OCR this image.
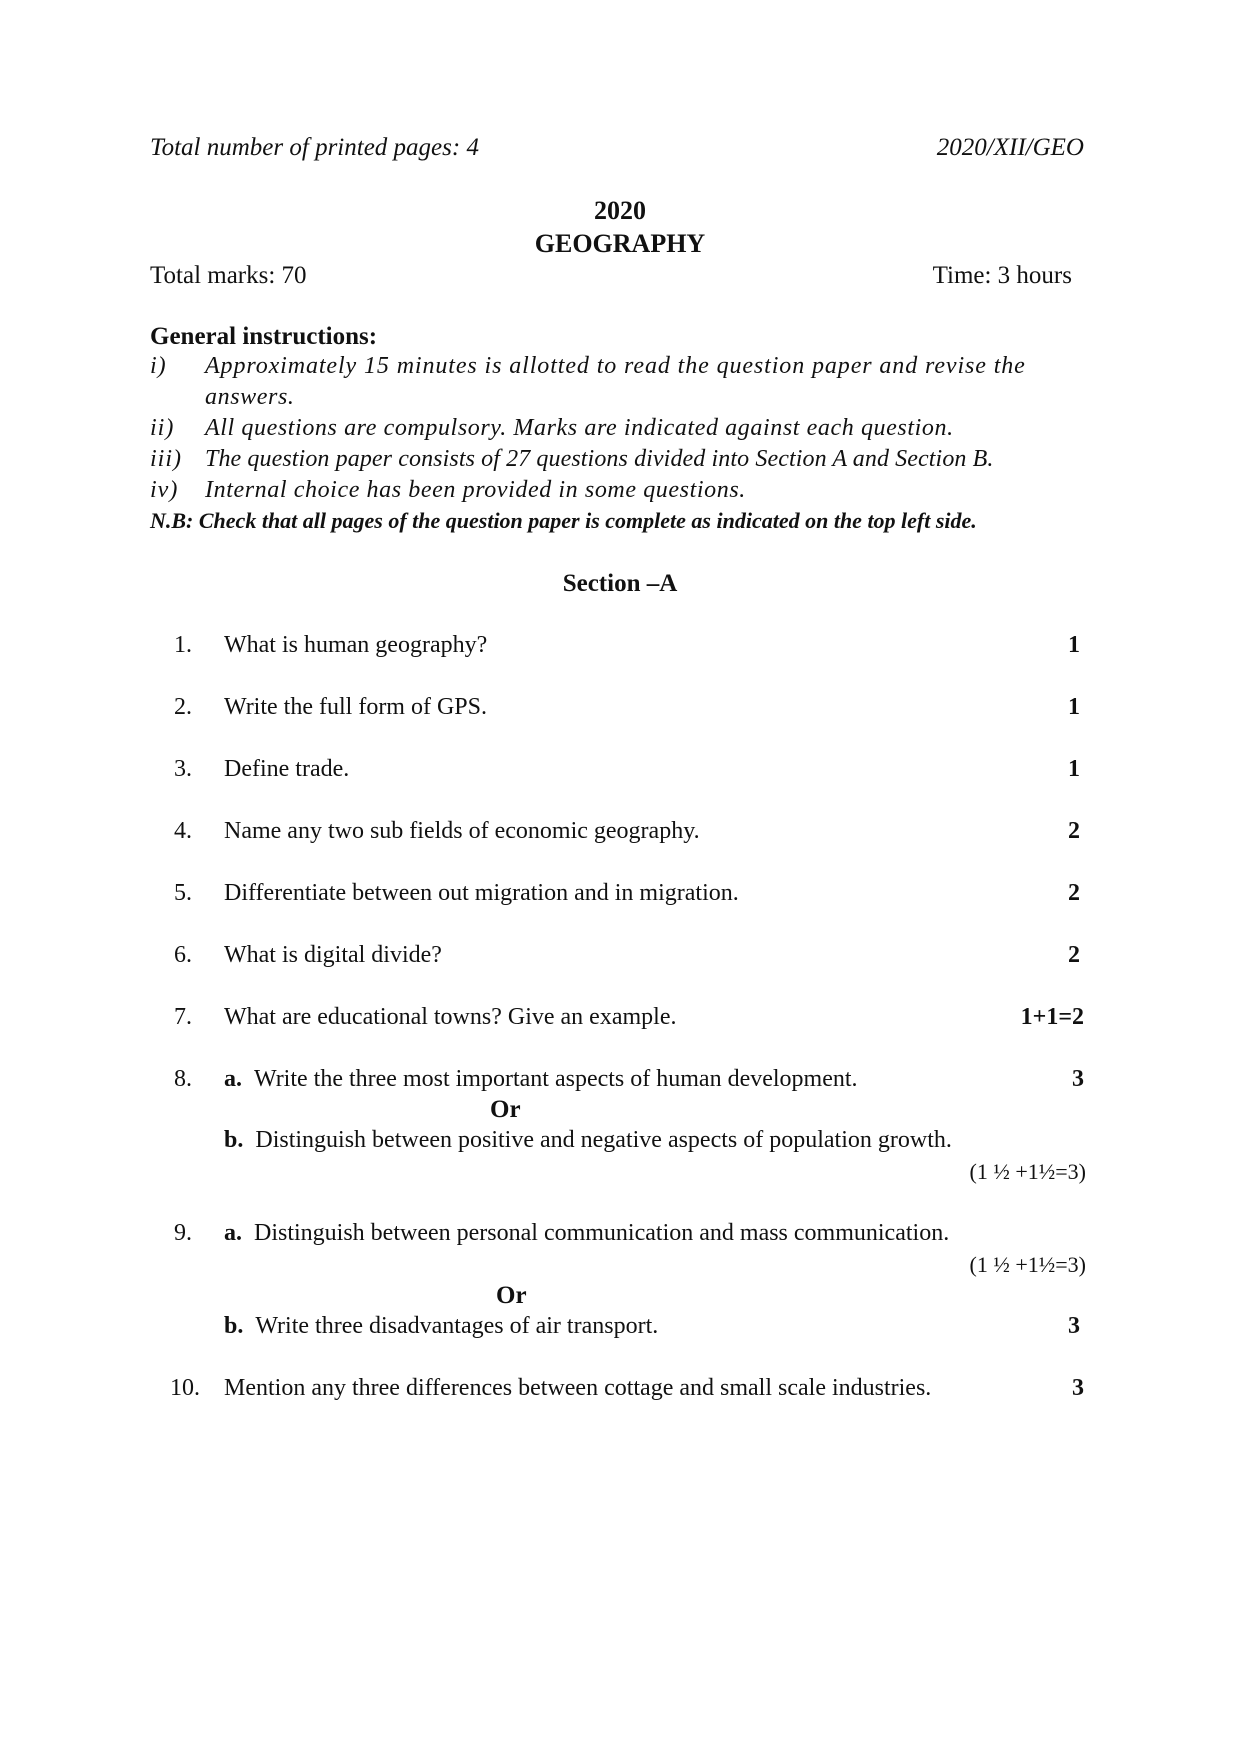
Total number of printed pages: 4	2020/XII/GEO
2020
GEOGRAPHY
Total marks: 70	Time: 3 hours
General instructions:
i) Approximately 15 minutes is allotted to read the question paper and revise the
answers.
ii) All questions are compulsory. Marks are indicated against each question.
iii) The question paper consists of 27 questions divided into Section A and Section B.
iv) Internal choice has been provided in some questions.
N.B: Check that all pages of the question paper is complete as indicated on the top left side.
Section –A
1. What is human geography?	1
2. Write the full form of GPS.	1
3. Define trade.	1
4. Name any two sub fields of economic geography.	2
5. Differentiate between out migration and in migration.	2
6. What is digital divide?	2
7. What are educational towns? Give an example.	1+1=2
8. a. Write the three most important aspects of human development.	3
Or
b. Distinguish between positive and negative aspects of population growth.
(1 ½ +1½=3)
9. a. Distinguish between personal communication and mass communication.
(1 ½ +1½=3)
Or
b. Write three disadvantages of air transport.	3
10. Mention any three differences between cottage and small scale industries.	3
